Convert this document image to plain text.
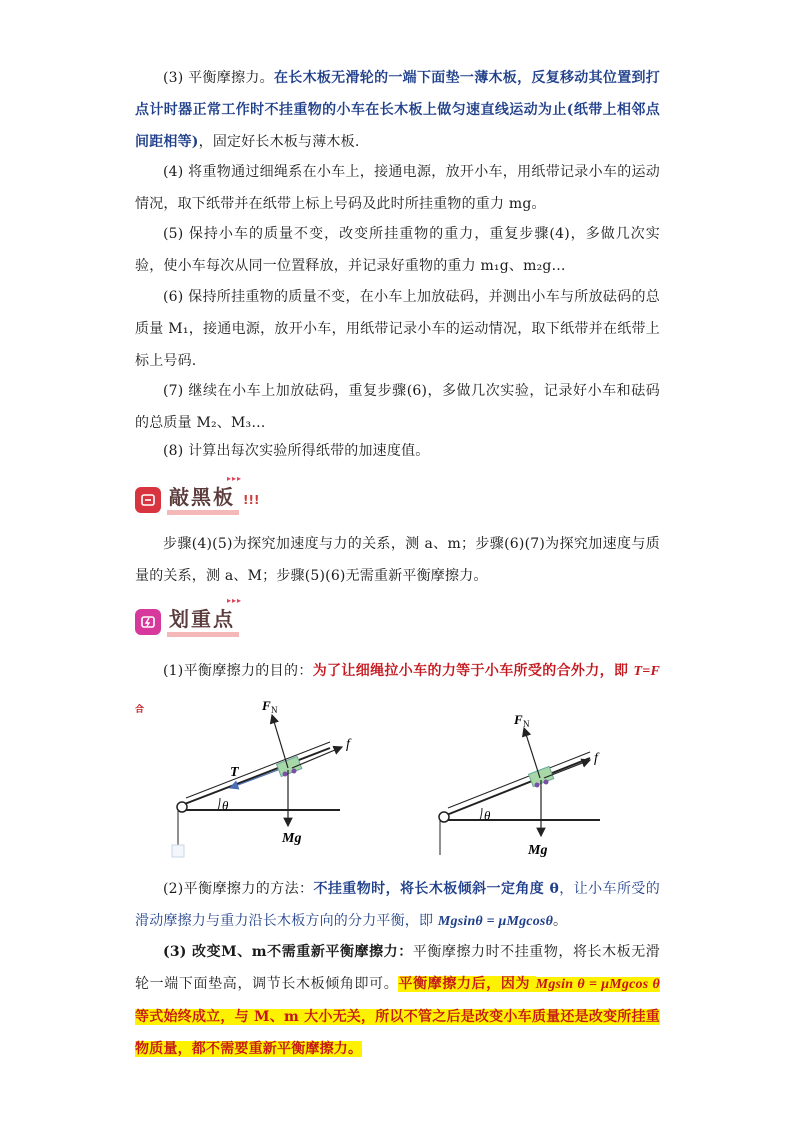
(3) 平衡摩擦力。在长木板无滑轮的一端下面垫一薄木板，反复移动其位置到打点计时器正常工作时不挂重物的小车在长木板上做匀速直线运动为止(纸带上相邻点间距相等)，固定好长木板与薄木板.
(4) 将重物通过细绳系在小车上，接通电源，放开小车，用纸带记录小车的运动情况，取下纸带并在纸带上标上号码及此时所挂重物的重力 mg。
(5) 保持小车的质量不变，改变所挂重物的重力，重复步骤(4)，多做几次实验，使小车每次从同一位置释放，并记录好重物的重力 m₁g、m₂g…
(6) 保持所挂重物的质量不变，在小车上加放砝码，并测出小车与所放砝码的总质量 M₁，接通电源，放开小车，用纸带记录小车的运动情况，取下纸带并在纸带上标上号码.
(7) 继续在小车上加放砝码，重复步骤(6)，多做几次实验，记录好小车和砝码的总质量 M₂、M₃…
(8) 计算出每次实验所得纸带的加速度值。
▸▸▸
敲黑板 !!!
步骤(4)(5)为探究加速度与力的关系，测 a、m；步骤(6)(7)为探究加速度与质量的关系，测 a、M；步骤(5)(6)无需重新平衡摩擦力。
▸▸▸
划重点
(1)平衡摩擦力的目的：为了让细绳拉小车的力等于小车所受的合外力，即 $T=F_合$
θ
F N
f
T
Mg
θ
F N
f
Mg
(2)平衡摩擦力的方法：不挂重物时，将长木板倾斜一定角度 θ，让小车所受的滑动摩擦力与重力沿长木板方向的分力平衡，即 Mgsinθ = μMgcosθ。
(3) 改变M、m不需重新平衡摩擦力：平衡摩擦力时不挂重物，将长木板无滑轮一端下面垫高，调节长木板倾角即可。平衡摩擦力后，因为 Mgsin θ = μMgcos θ等式始终成立，与 M、m 大小无关，所以不管之后是改变小车质量还是改变所挂重物质量，都不需要重新平衡摩擦力。
